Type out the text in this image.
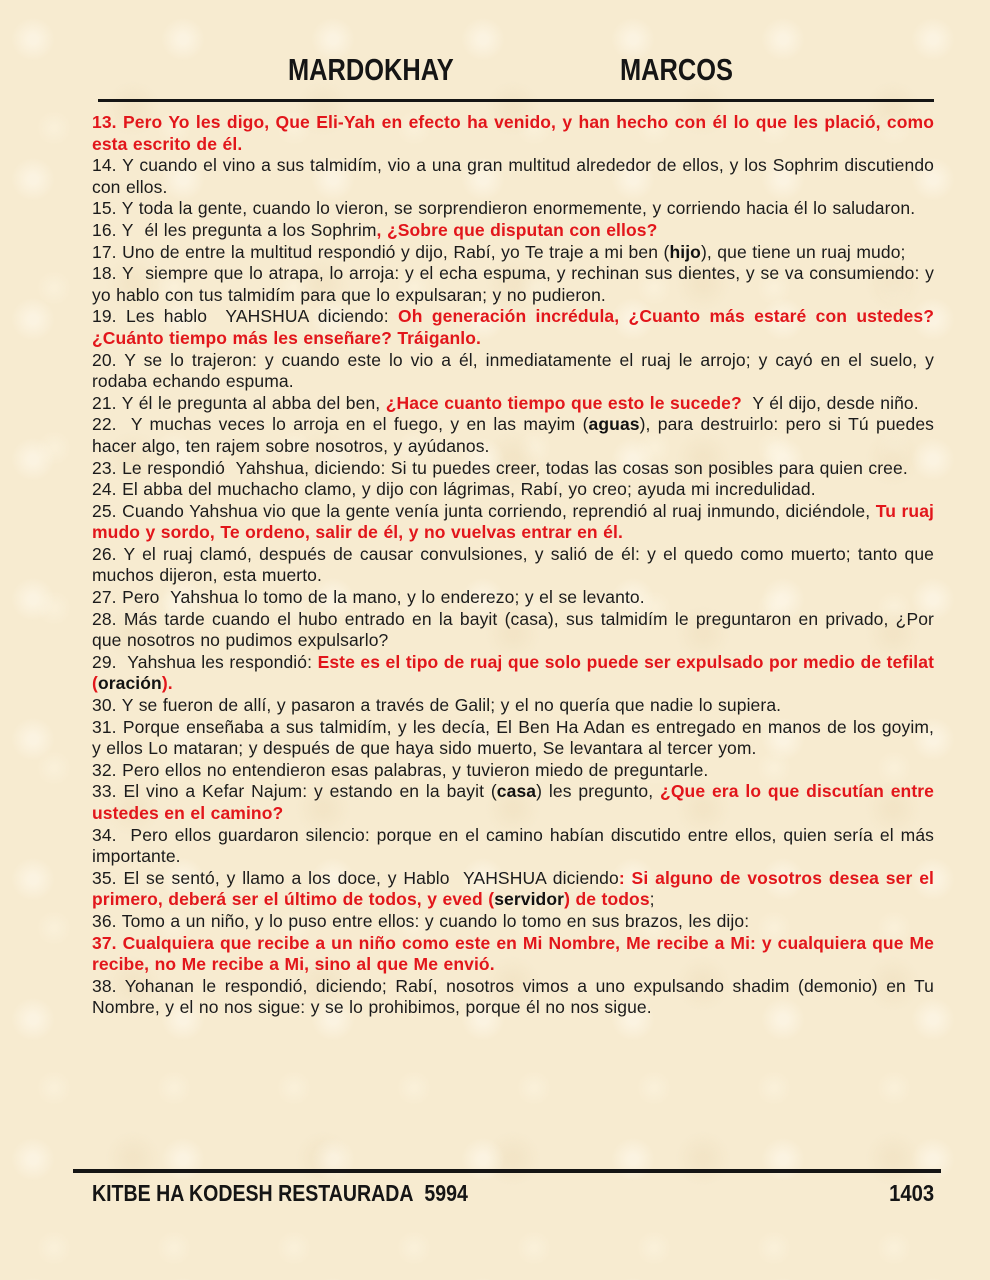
MARDOKHAY	MARCOS

13. Pero Yo les digo, Que Eli-Yah en efecto ha venido, y han hecho con él lo que les plació, como esta escrito de él.

14. Y cuando el vino a sus talmidím, vio a una gran multitud alrededor de ellos, y los Sophrim discutiendo con ellos.

15. Y toda la gente, cuando lo vieron, se sorprendieron enormemente, y corriendo hacia él lo saludaron.

16. Y  él les pregunta a los Sophrim, ¿Sobre que disputan con ellos?

17. Uno de entre la multitud respondió y dijo, Rabí, yo Te traje a mi ben (hijo), que tiene un ruaj mudo;

18. Y  siempre que lo atrapa, lo arroja: y el echa espuma, y rechinan sus dientes, y se va consumiendo: y yo hablo con tus talmidím para que lo expulsaran; y no pudieron.

19. Les hablo  YAHSHUA diciendo: Oh generación incrédula, ¿Cuanto más estaré con ustedes? ¿Cuánto tiempo más les enseñare? Tráiganlo.

20. Y se lo trajeron: y cuando este lo vio a él, inmediatamente el ruaj le arrojo; y cayó en el suelo, y rodaba echando espuma.

21. Y él le pregunta al abba del ben, ¿Hace cuanto tiempo que esto le sucede?  Y él dijo, desde niño.

22.  Y muchas veces lo arroja en el fuego, y en las mayim (aguas), para destruirlo: pero si Tú puedes hacer algo, ten rajem sobre nosotros, y ayúdanos.

23. Le respondió  Yahshua, diciendo: Si tu puedes creer, todas las cosas son posibles para quien cree.

24. El abba del muchacho clamo, y dijo con lágrimas, Rabí, yo creo; ayuda mi incredulidad.

25. Cuando Yahshua vio que la gente venía junta corriendo, reprendió al ruaj inmundo, diciéndole, Tu ruaj mudo y sordo, Te ordeno, salir de él, y no vuelvas entrar en él.

26. Y el ruaj clamó, después de causar convulsiones, y salió de él: y el quedo como muerto; tanto que muchos dijeron, esta muerto.

27. Pero  Yahshua lo tomo de la mano, y lo enderezo; y el se levanto.

28. Más tarde cuando el hubo entrado en la bayit (casa), sus talmidím le preguntaron en privado, ¿Por que nosotros no pudimos expulsarlo?

29.  Yahshua les respondió: Este es el tipo de ruaj que solo puede ser expulsado por medio de tefilat (oración).

30. Y se fueron de allí, y pasaron a través de Galil; y el no quería que nadie lo supiera.

31. Porque enseñaba a sus talmidím, y les decía, El Ben Ha Adan es entregado en manos de los goyim, y ellos Lo mataran; y después de que haya sido muerto, Se levantara al tercer yom.

32. Pero ellos no entendieron esas palabras, y tuvieron miedo de preguntarle.

33. El vino a Kefar Najum: y estando en la bayit (casa) les pregunto, ¿Que era lo que discutían entre ustedes en el camino?

34.  Pero ellos guardaron silencio: porque en el camino habían discutido entre ellos, quien sería el más importante.

35. El se sentó, y llamo a los doce, y Hablo  YAHSHUA diciendo: Si alguno de vosotros desea ser el primero, deberá ser el último de todos, y eved (servidor) de todos;

36. Tomo a un niño, y lo puso entre ellos: y cuando lo tomo en sus brazos, les dijo:

37. Cualquiera que recibe a un niño como este en Mi Nombre, Me recibe a Mi: y cualquiera que Me recibe, no Me recibe a Mi, sino al que Me envió.

38. Yohanan le respondió, diciendo; Rabí, nosotros vimos a uno expulsando shadim (demonio) en Tu Nombre, y el no nos sigue: y se lo prohibimos, porque él no nos sigue.

KITBE HA KODESH RESTAURADA  5994	1403
